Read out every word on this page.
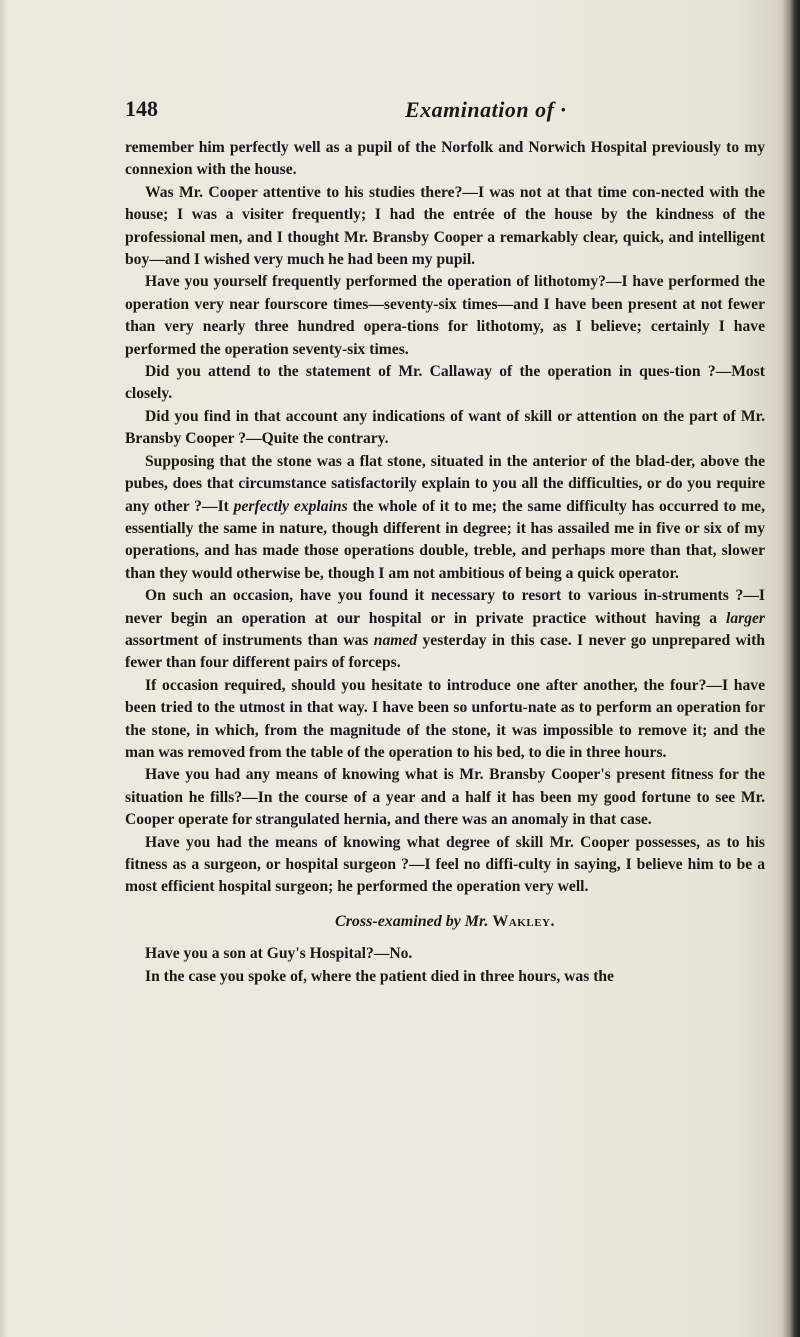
148	Examination of ·

remember him perfectly well as a pupil of the Norfolk and Norwich Hospital previously to my connexion with the house.

Was Mr. Cooper attentive to his studies there?—I was not at that time con-nected with the house; I was a visiter frequently; I had the entrée of the house by the kindness of the professional men, and I thought Mr. Bransby Cooper a remarkably clear, quick, and intelligent boy—and I wished very much he had been my pupil.

Have you yourself frequently performed the operation of lithotomy?—I have performed the operation very near fourscore times—seventy-six times—and I have been present at not fewer than very nearly three hundred opera-tions for lithotomy, as I believe; certainly I have performed the operation seventy-six times.

Did you attend to the statement of Mr. Callaway of the operation in ques-tion ?—Most closely.

Did you find in that account any indications of want of skill or attention on the part of Mr. Bransby Cooper ?—Quite the contrary.

Supposing that the stone was a flat stone, situated in the anterior of the blad-der, above the pubes, does that circumstance satisfactorily explain to you all the difficulties, or do you require any other ?—It perfectly explains the whole of it to me; the same difficulty has occurred to me, essentially the same in nature, though different in degree; it has assailed me in five or six of my operations, and has made those operations double, treble, and perhaps more than that, slower than they would otherwise be, though I am not ambitious of being a quick operator.

On such an occasion, have you found it necessary to resort to various in-struments ?—I never begin an operation at our hospital or in private practice without having a larger assortment of instruments than was named yesterday in this case. I never go unprepared with fewer than four different pairs of forceps.

If occasion required, should you hesitate to introduce one after another, the four?—I have been tried to the utmost in that way. I have been so unfortu-nate as to perform an operation for the stone, in which, from the magnitude of the stone, it was impossible to remove it; and the man was removed from the table of the operation to his bed, to die in three hours.

Have you had any means of knowing what is Mr. Bransby Cooper's present fitness for the situation he fills?—In the course of a year and a half it has been my good fortune to see Mr. Cooper operate for strangulated hernia, and there was an anomaly in that case.

Have you had the means of knowing what degree of skill Mr. Cooper possesses, as to his fitness as a surgeon, or hospital surgeon ?—I feel no diffi-culty in saying, I believe him to be a most efficient hospital surgeon; he performed the operation very well.

Cross-examined by Mr. Wakley.

Have you a son at Guy's Hospital?—No.

In the case you spoke of, where the patient died in three hours, was the
